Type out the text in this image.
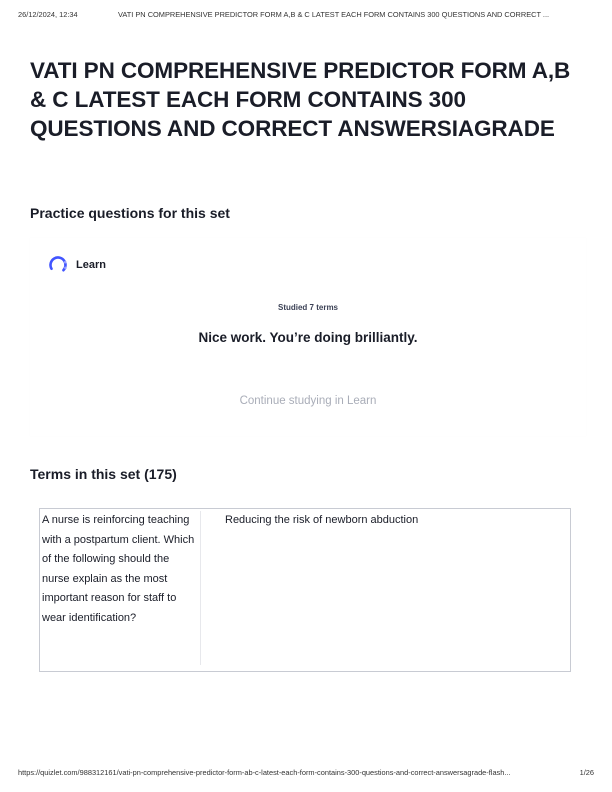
26/12/2024, 12:34	VATI PN COMPREHENSIVE PREDICTOR FORM A,B & C LATEST EACH FORM CONTAINS 300 QUESTIONS AND CORRECT ...
VATI PN COMPREHENSIVE PREDICTOR FORM A,B & C LATEST EACH FORM CONTAINS 300 QUESTIONS AND CORRECT ANSWERSIAGRADE
Practice questions for this set
Learn
Studied 7 terms
Nice work. You’re doing brilliantly.
Continue studying in Learn
Terms in this set (175)

A nurse is reinforcing teaching with a postpartum client. Which of the following should the nurse explain as the most important reason for staff to wear identification?

Reducing the risk of newborn abduction

https://quizlet.com/988312161/vati-pn-comprehensive-predictor-form-ab-c-latest-each-form-contains-300-questions-and-correct-answersagrade-flash...	1/26
